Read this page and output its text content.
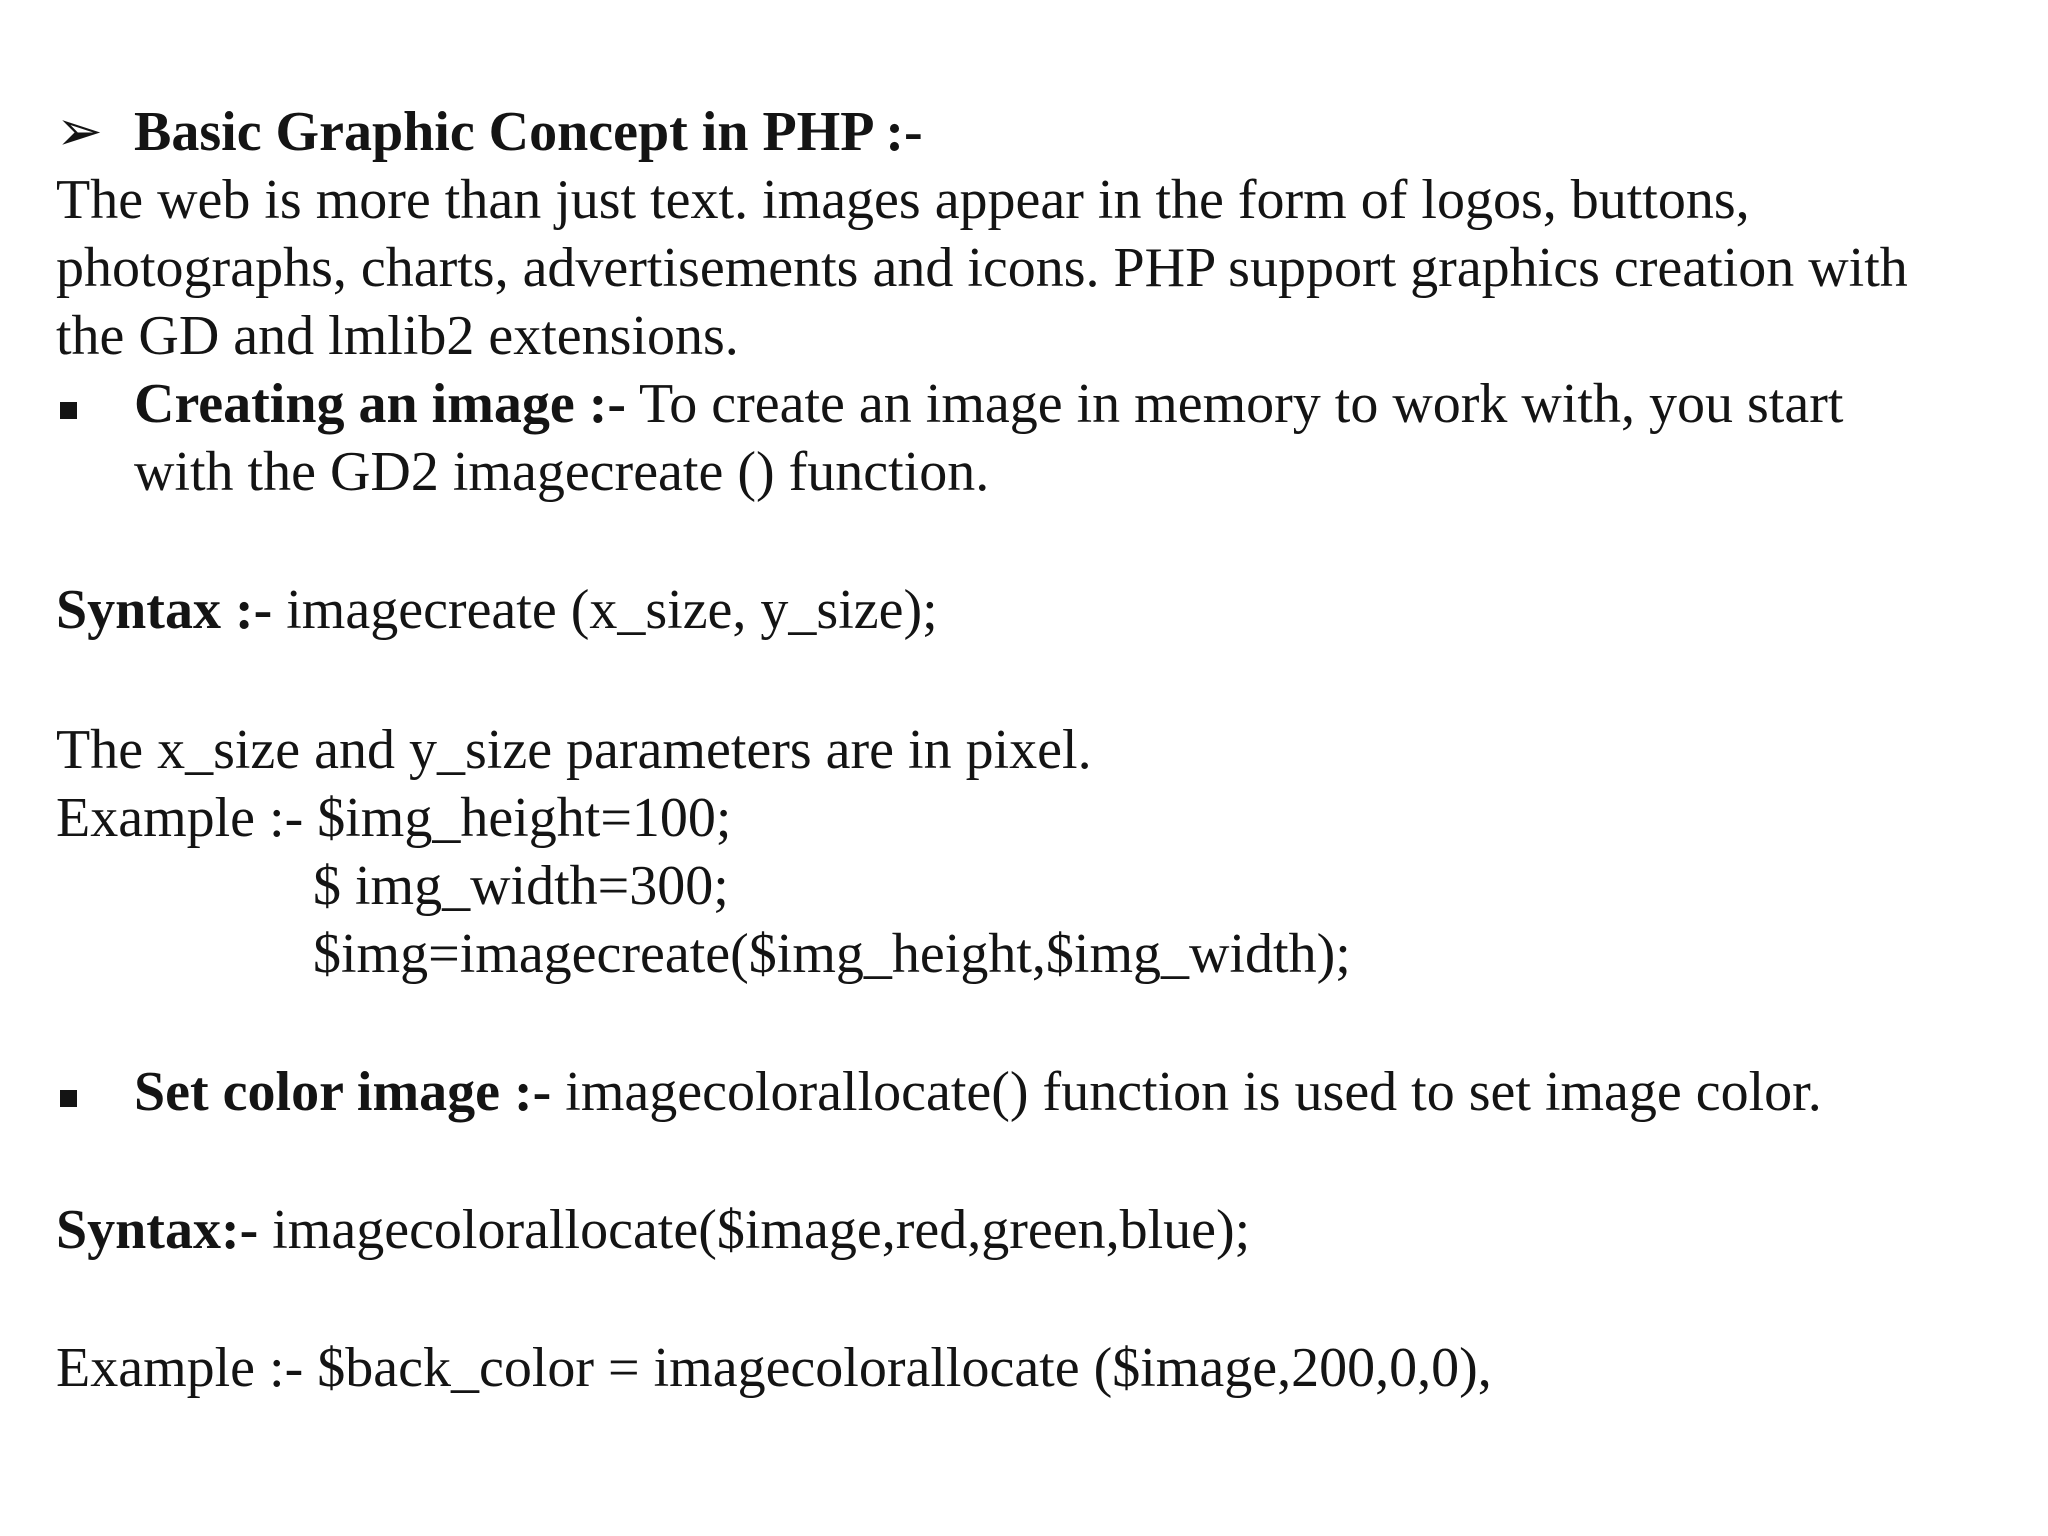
➢ Basic Graphic Concept in PHP :-
The web is more than just text. images appear in the form of logos, buttons,
photographs, charts, advertisements and icons. PHP support graphics creation with
the GD and lmlib2 extensions.
Creating an image :- To create an image in memory to work with, you start
with the GD2 imagecreate () function.
Syntax :- imagecreate (x_size, y_size);
The x_size and y_size parameters are in pixel.
Example :- $img_height=100;
$ img_width=300;
$img=imagecreate($img_height,$img_width);
Set color image :- imagecolorallocate() function is used to set image color.
Syntax:- imagecolorallocate($image,red,green,blue);
Example :- $back_color = imagecolorallocate ($image,200,0,0),
